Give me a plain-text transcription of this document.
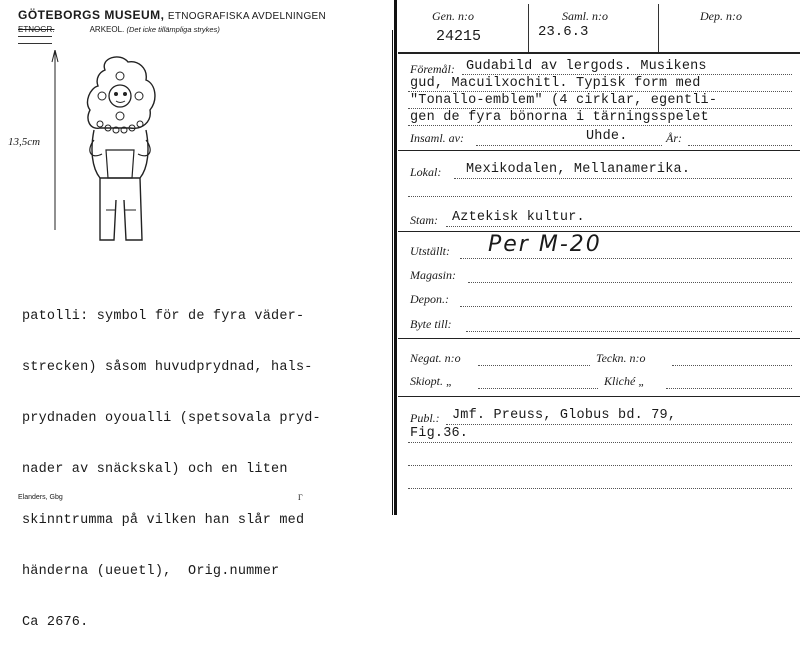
GÖTEBORGS MUSEUM, ETNOGRAFISKA AVDELNINGEN
ETNOGR.	ARKEOL. (Det icke tillämpliga strykes)
13,5cm

patolli: symbol för de fyra väder-

strecken) såsom huvudprydnad, hals-

prydnaden oyoualli (spetsovala pryd-

nader av snäckskal) och en liten

skinntrumma på vilken han slår med

händerna (ueuetl),  Orig.nummer

Ca 2676.

Elanders, Gbg	Γ
Gen. n:o	Saml. n:o	Dep. n:o
24215	23.6.3
Föremål: Gudabild av lergods. Musikens
gud, Macuilxochitl. Typisk form med
"Tonallo-emblem" (4 cirklar, egentli-
gen de fyra bönorna i tärningsspelet
Insaml. av:	Uhde.	År:
Lokal: Mexikodalen, Mellanamerika.
Stam: Aztekisk kultur.
Utställt: Per M-20
Magasin:
Depon.:
Byte till:
Negat. n:o	Teckn. n:o
Skiopt. „	Kliché „
Publ.: Jmf. Preuss, Globus bd. 79,
Fig.36.
